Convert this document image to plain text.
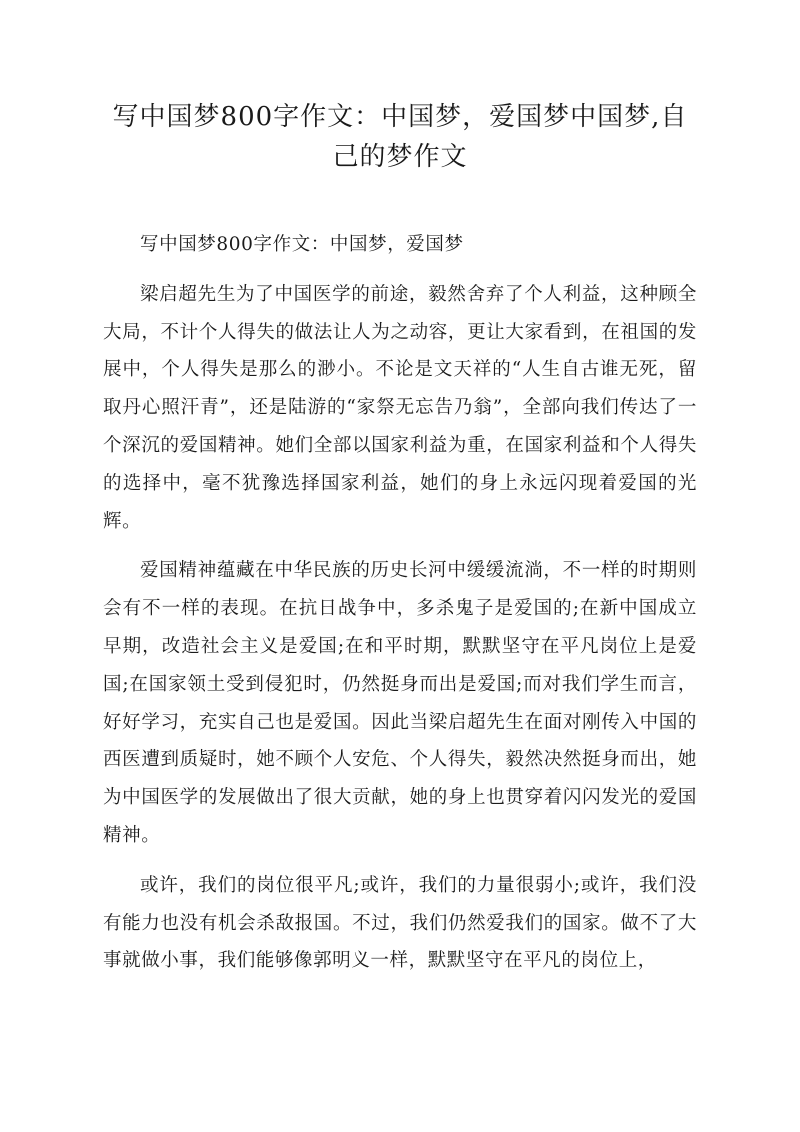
写中国梦800字作文：中国梦，爱国梦中国梦,自己的梦作文

写中国梦800字作文：中国梦，爱国梦

梁启超先生为了中国医学的前途，毅然舍弃了个人利益，这种顾全大局，不计个人得失的做法让人为之动容，更让大家看到，在祖国的发展中，个人得失是那么的渺小。不论是文天祥的“人生自古谁无死，留取丹心照汗青”，还是陆游的“家祭无忘告乃翁”，全部向我们传达了一个深沉的爱国精神。她们全部以国家利益为重，在国家利益和个人得失的选择中，毫不犹豫选择国家利益，她们的身上永远闪现着爱国的光辉。

爱国精神蕴藏在中华民族的历史长河中缓缓流淌，不一样的时期则会有不一样的表现。在抗日战争中，多杀鬼子是爱国的;在新中国成立早期，改造社会主义是爱国;在和平时期，默默坚守在平凡岗位上是爱国;在国家领土受到侵犯时，仍然挺身而出是爱国;而对我们学生而言，好好学习，充实自己也是爱国。因此当梁启超先生在面对刚传入中国的西医遭到质疑时，她不顾个人安危、个人得失，毅然决然挺身而出，她为中国医学的发展做出了很大贡献，她的身上也贯穿着闪闪发光的爱国精神。

或许，我们的岗位很平凡;或许，我们的力量很弱小;或许，我们没有能力也没有机会杀敌报国。不过，我们仍然爱我们的国家。做不了大事就做小事，我们能够像郭明义一样，默默坚守在平凡的岗位上，
